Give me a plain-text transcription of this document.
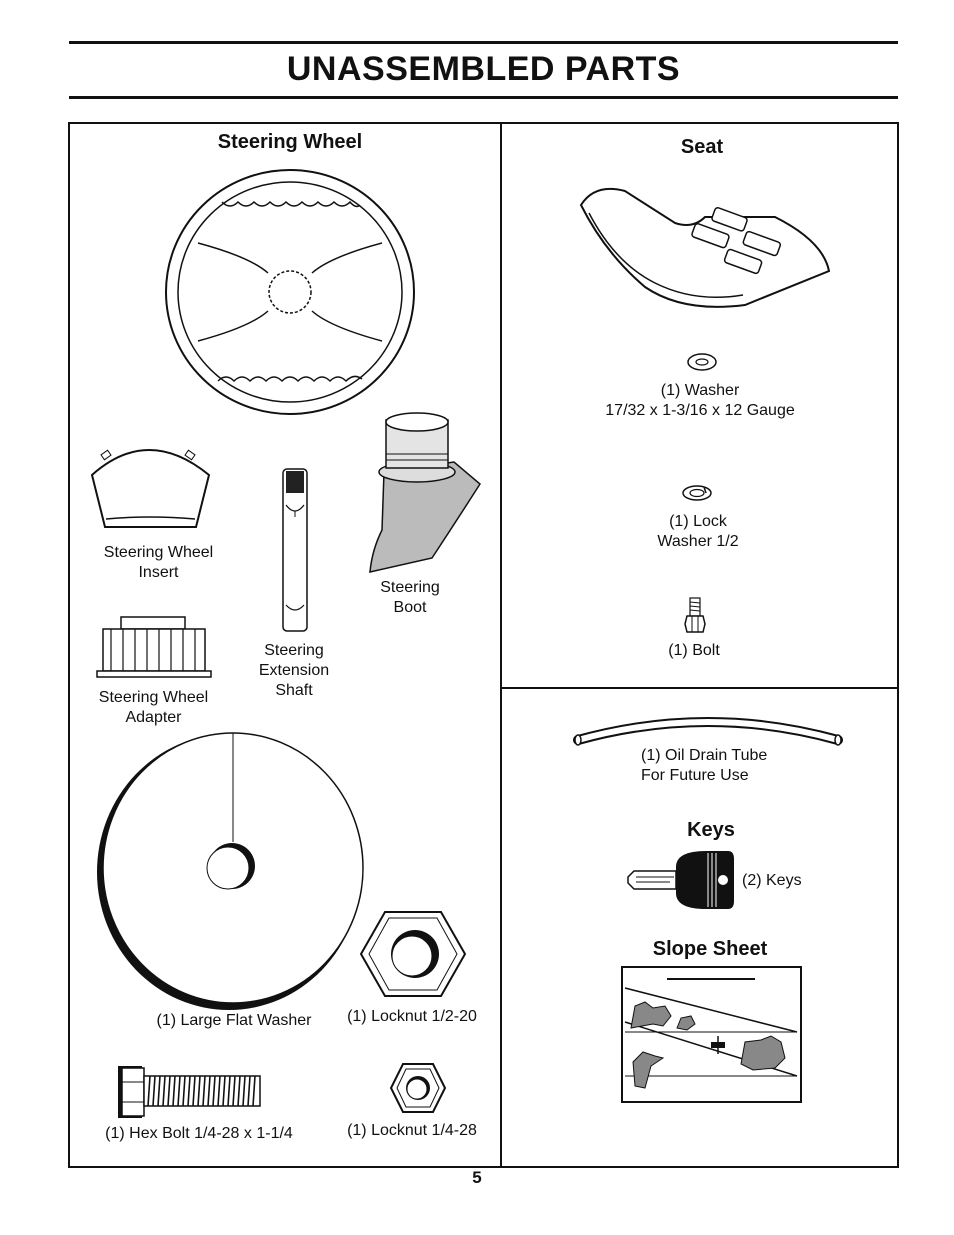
UNASSEMBLED PARTS
Steering Wheel
Steering Wheel
Insert
Steering Wheel
Adapter
Steering
Extension
Shaft
Steering
Boot
(1) Large Flat Washer	(1) Locknut 1/2-20
(1) Hex Bolt 1/4-28 x 1-1/4	(1) Locknut 1/4-28
Seat
(1) Washer
17/32 x 1-3/16 x 12 Gauge
(1) Lock
Washer 1/2
(1) Bolt
(1) Oil Drain Tube
For Future Use
Keys
(2) Keys
Slope Sheet
5
